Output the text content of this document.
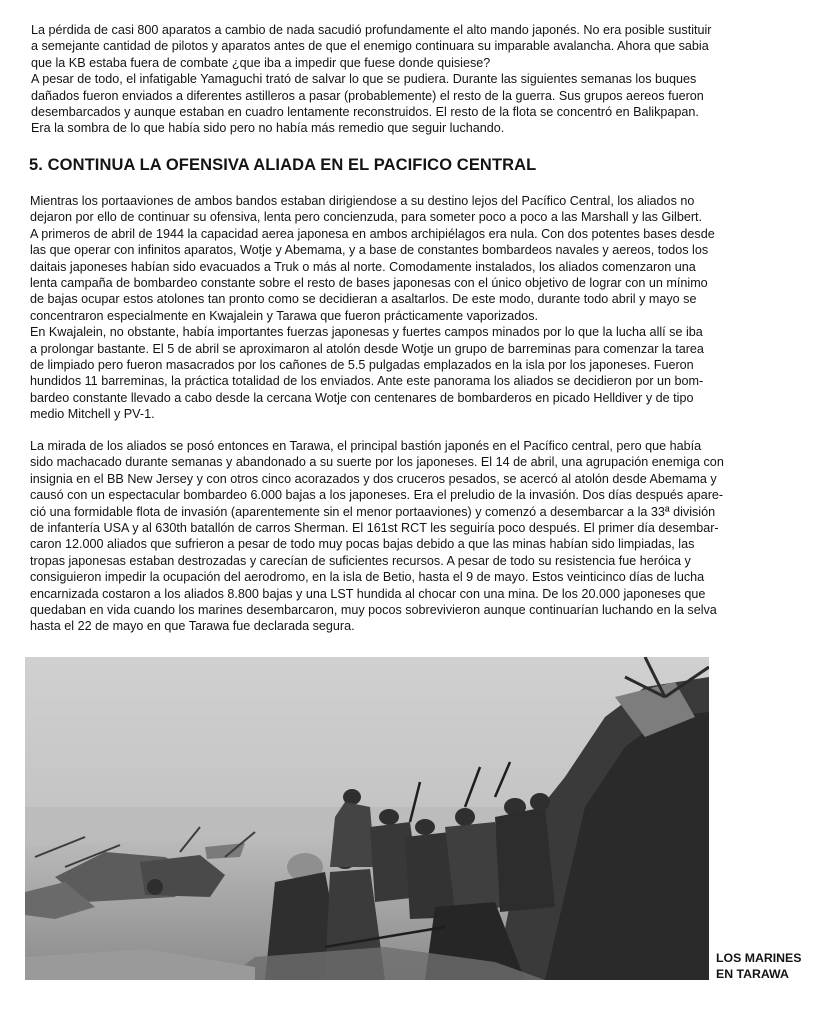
La pérdida de casi 800 aparatos a cambio de nada sacudió profundamente el alto mando japonés. No era posible sustituir
a semejante cantidad de pilotos y aparatos antes de que el enemigo continuara su imparable avalancha. Ahora que sabia
que la KB estaba fuera de combate ¿que iba a impedir que fuese donde quisiese?
A pesar de todo, el infatigable Yamaguchi trató de salvar lo que se pudiera. Durante las siguientes semanas los buques
dañados fueron enviados a diferentes astilleros a pasar (probablemente) el resto de la guerra. Sus grupos aereos fueron
desembarcados y aunque estaban en cuadro lentamente reconstruidos. El resto de la flota se concentró en Balikpapan.
Era la sombra de lo que había sido pero no había más remedio que seguir luchando.

5. CONTINUA LA OFENSIVA ALIADA EN EL PACIFICO CENTRAL

Mientras los portaaviones de ambos bandos estaban dirigiendose a su destino lejos del Pacífico Central, los aliados no
dejaron por ello de continuar su ofensiva, lenta pero concienzuda, para someter poco a poco a las Marshall y las Gilbert.
A primeros de abril de 1944 la capacidad aerea japonesa en ambos archipiélagos era nula. Con dos potentes bases desde
las que operar con infinitos aparatos, Wotje y Abemama, y a base de constantes bombardeos navales y aereos, todos los
daitais japoneses habían sido evacuados a Truk o más al norte. Comodamente instalados, los aliados comenzaron una
lenta campaña de bombardeo constante sobre el resto de bases japonesas con el único objetivo de lograr con un mínimo
de bajas ocupar estos atolones tan pronto como se decidieran a asaltarlos. De este modo, durante todo abril y mayo se
concentraron especialmente en Kwajalein y Tarawa que fueron prácticamente vaporizados.
En Kwajalein, no obstante, había importantes fuerzas japonesas y fuertes campos minados por lo que la lucha allí se iba
a prolongar bastante. El 5 de abril se aproximaron al atolón desde Wotje un grupo de barreminas para comenzar la tarea
de limpiado pero fueron masacrados por los cañones de 5.5 pulgadas emplazados en la isla por los japoneses. Fueron
hundidos 11 barreminas, la práctica totalidad de los enviados. Ante este panorama los aliados se decidieron por un bom-
bardeo constante llevado a cabo desde la cercana Wotje con centenares de bombarderos en picado Helldiver y de tipo
medio Mitchell y PV-1.

La mirada de los aliados se posó entonces en Tarawa, el principal bastión japonés en el Pacífico central, pero que había
sido machacado durante semanas y abandonado a su suerte por los japoneses. El 14 de abril, una agrupación enemiga con
insignia en el BB New Jersey y con otros cinco acorazados y dos cruceros pesados, se acercó al atolón desde Abemama y
causó con un espectacular bombardeo 6.000 bajas a los japoneses. Era el preludio de la invasión. Dos días después apare-
ció una formidable flota de invasión (aparentemente sin el menor portaaviones) y comenzó a desembarcar a la 33ª división
de infantería USA y al 630th batallón de carros Sherman. El 161st RCT les seguiría poco después. El primer día desembar-
caron 12.000 aliados que sufrieron a pesar de todo muy pocas bajas debido a que las minas habían sido limpiadas, las
tropas japonesas estaban destrozadas y carecían de suficientes recursos. A pesar de todo su resistencia fue heróica y
consiguieron impedir la ocupación del aerodromo, en la isla de Betio, hasta el 9 de mayo. Estos veinticinco días de lucha
encarnizada costaron a los aliados 8.800 bajas y una LST hundida al chocar con una mina. De los 20.000 japoneses que
quedaban en vida cuando los marines desembarcaron, muy pocos sobrevivieron aunque continuarían luchando en la selva
hasta el 22 de mayo en que Tarawa fue declarada segura.

LOS MARINES
EN TARAWA
